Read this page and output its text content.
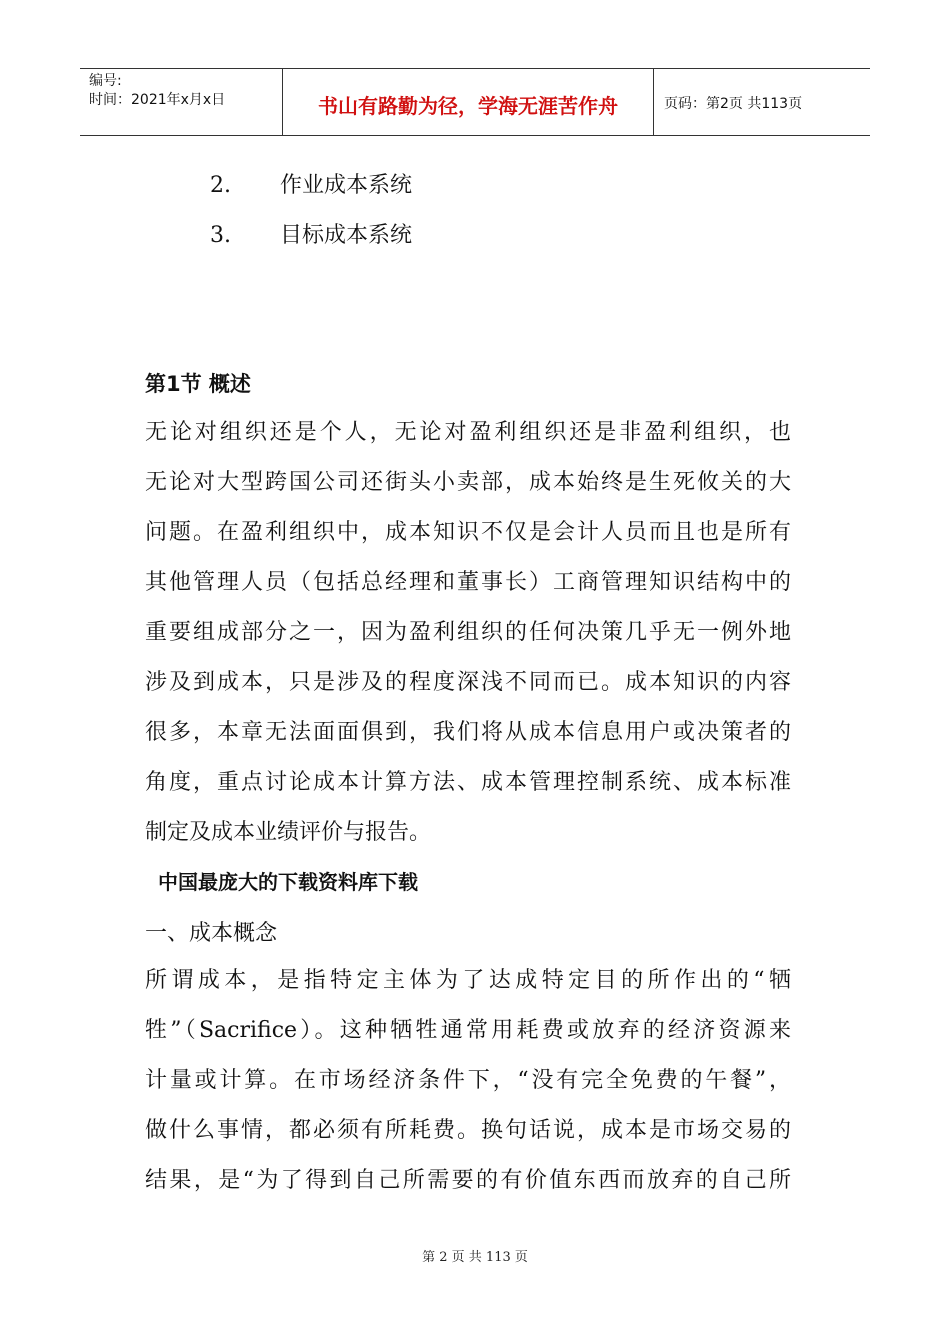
编号:
时间：2021年x月x日	书山有路勤为径，学海无涯苦作舟	页码：第2页 共113页
2. 作业成本系统
3. 目标成本系统
第1节 概述
无论对组织还是个人，无论对盈利组织还是非盈利组织，也
无论对大型跨国公司还街头小卖部，成本始终是生死攸关的大
问题。在盈利组织中，成本知识不仅是会计人员而且也是所有
其他管理人员（包括总经理和董事长）工商管理知识结构中的
重要组成部分之一，因为盈利组织的任何决策几乎无一例外地
涉及到成本，只是涉及的程度深浅不同而已。成本知识的内容
很多，本章无法面面俱到，我们将从成本信息用户或决策者的
角度，重点讨论成本计算方法、成本管理控制系统、成本标准
制定及成本业绩评价与报告。
中国最庞大的下载资料库下载
一、成本概念
所谓成本，是指特定主体为了达成特定目的所作出的“牺
牲”（Sacrifice）。这种牺牲通常用耗费或放弃的经济资源来
计量或计算。在市场经济条件下，“没有完全免费的午餐”，
做什么事情，都必须有所耗费。换句话说，成本是市场交易的
结果，是“为了得到自己所需要的有价值东西而放弃的自己所
第 2 页 共 113 页
